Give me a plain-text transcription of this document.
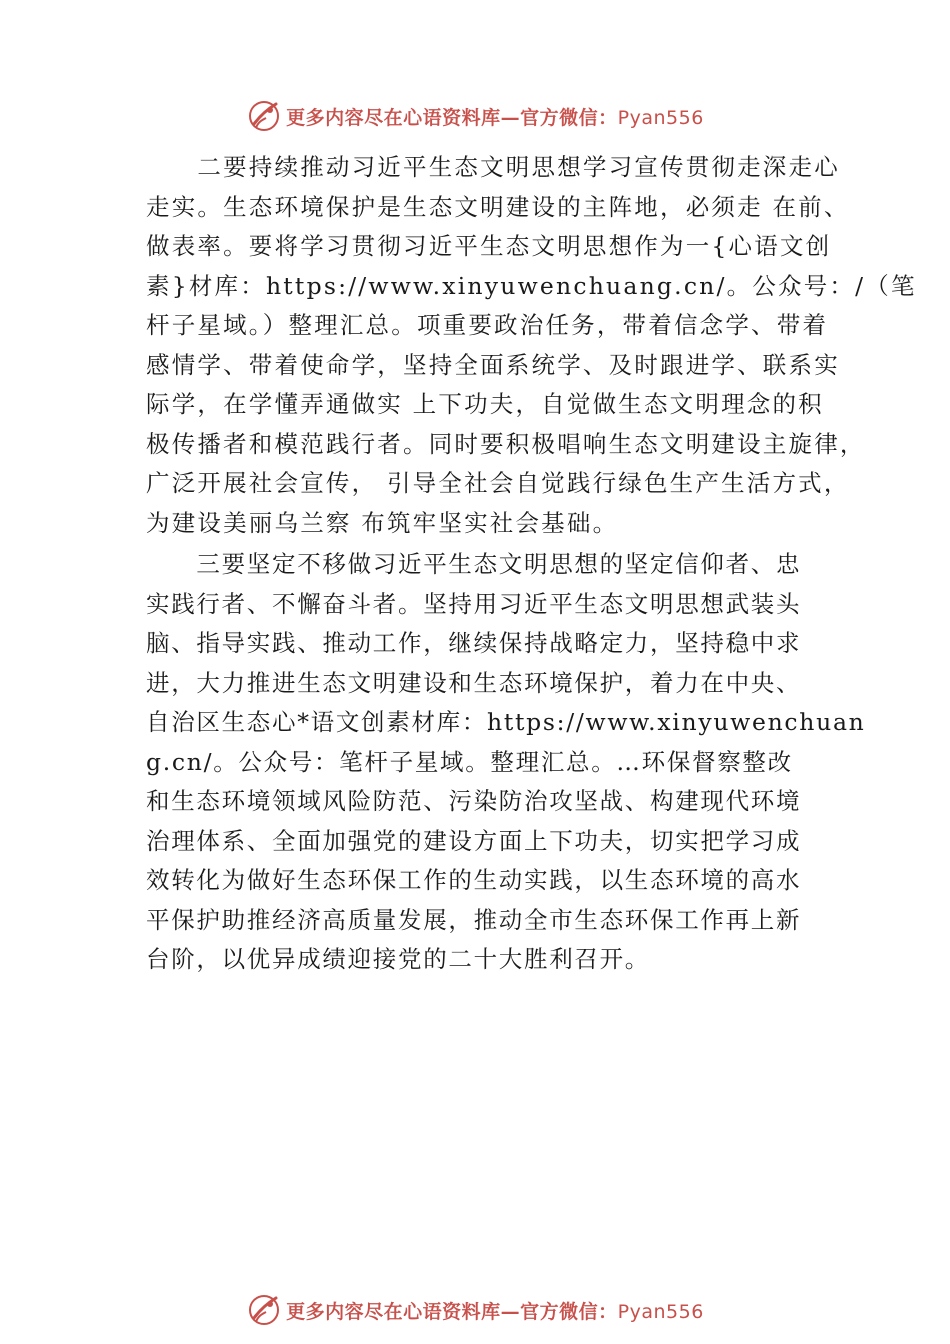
更多内容尽在心语资料库—官方微信：Pyan556
　　二要持续推动习近平生态文明思想学习宣传贯彻走深走心
走实。生态环境保护是生态文明建设的主阵地，必须走 在前、
做表率。要将学习贯彻习近平生态文明思想作为一{心语文创
素}材库：https://www.xinyuwenchuang.cn/。公众号：/（笔
杆子星域。）整理汇总。项重要政治任务，带着信念学、带着
感情学、带着使命学，坚持全面系统学、及时跟进学、联系实
际学，在学懂弄通做实 上下功夫，自觉做生态文明理念的积
极传播者和模范践行者。同时要积极唱响生态文明建设主旋律，
广泛开展社会宣传， 引导全社会自觉践行绿色生产生活方式，
为建设美丽乌兰察 布筑牢坚实社会基础。
　　三要坚定不移做习近平生态文明思想的坚定信仰者、忠
实践行者、不懈奋斗者。坚持用习近平生态文明思想武装头
脑、指导实践、推动工作，继续保持战略定力，坚持稳中求
进，大力推进生态文明建设和生态环境保护，着力在中央、
自治区生态心*语文创素材库：https://www.xinyuwenchuan
g.cn/。公众号：笔杆子星域。整理汇总。…环保督察整改
和生态环境领域风险防范、污染防治攻坚战、构建现代环境
治理体系、全面加强党的建设方面上下功夫，切实把学习成
效转化为做好生态环保工作的生动实践，以生态环境的高水
平保护助推经济高质量发展，推动全市生态环保工作再上新
台阶，以优异成绩迎接党的二十大胜利召开。
更多内容尽在心语资料库—官方微信：Pyan556
